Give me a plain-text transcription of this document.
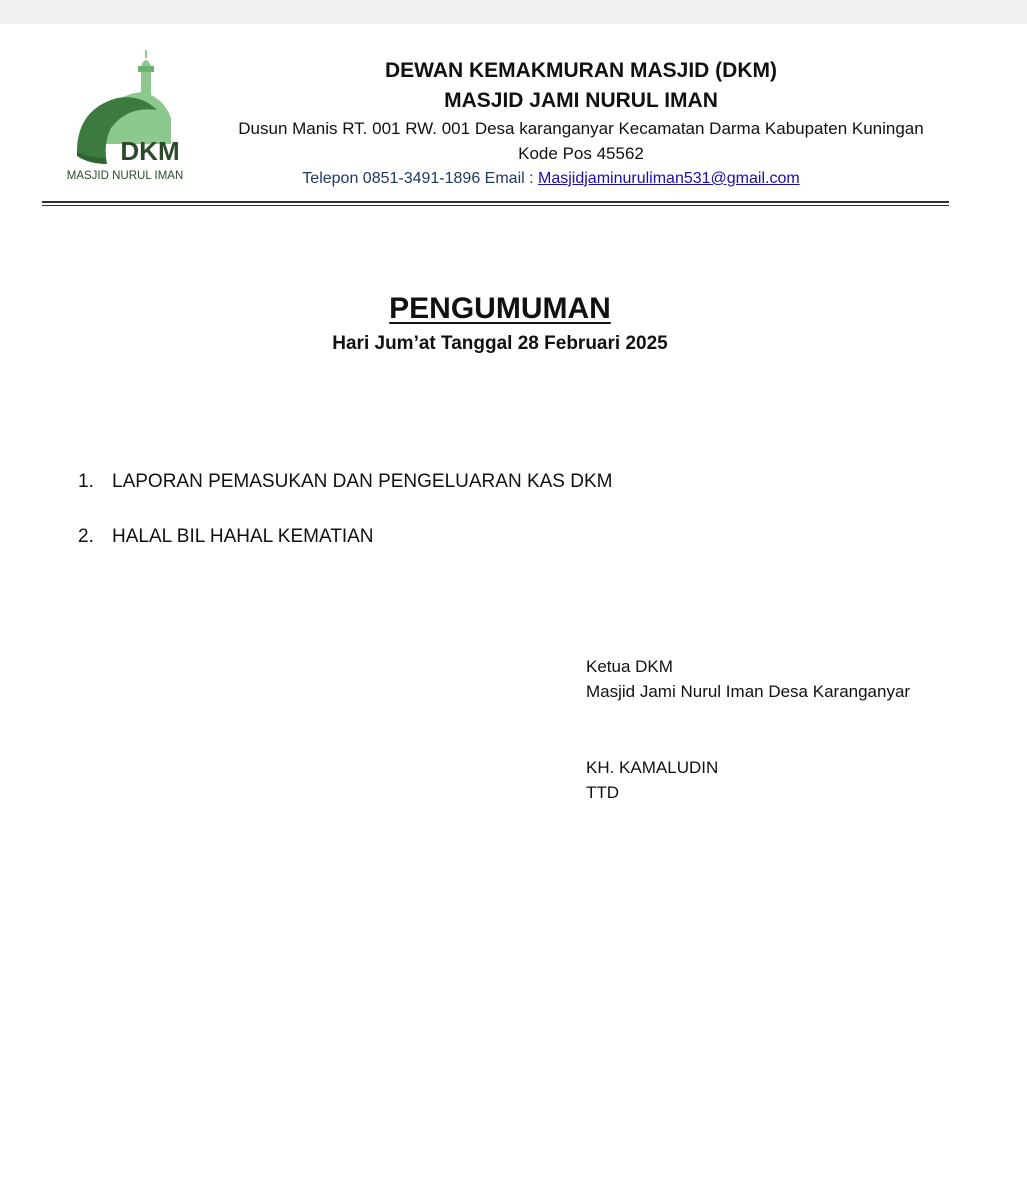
DKM
MASJID NURUL IMAN
DEWAN KEMAKMURAN MASJID (DKM)
MASJID JAMI NURUL IMAN
Dusun Manis RT. 001 RW. 001 Desa karanganyar Kecamatan Darma Kabupaten Kuningan Kode Pos 45562
Telepon 0851-3491-1896 Email : Masjidjaminuruliman531@gmail.com
PENGUMUMAN
Hari Jum’at Tanggal 28 Februari 2025
1. LAPORAN PEMASUKAN DAN PENGELUARAN KAS DKM
2. HALAL BIL HAHAL KEMATIAN
Ketua DKM
Masjid Jami Nurul Iman Desa Karanganyar
KH. KAMALUDIN
TTD
